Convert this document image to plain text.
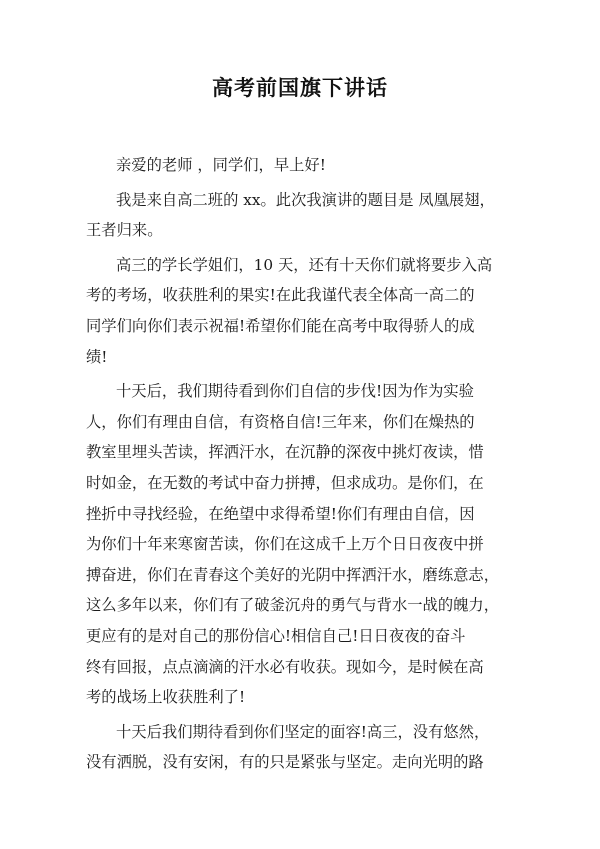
高考前国旗下讲话
亲爱的老师 ，同学们，早上好!
我是来自高二班的 xx。此次我演讲的题目是 凤凰展翅，
王者归来。
高三的学长学姐们，10 天，还有十天你们就将要步入高
考的考场，收获胜利的果实!在此我谨代表全体高一高二的
同学们向你们表示祝福!希望你们能在高考中取得骄人的成
绩!
十天后，我们期待看到你们自信的步伐!因为作为实验
人，你们有理由自信，有资格自信!三年来，你们在燥热的
教室里埋头苦读，挥洒汗水，在沉静的深夜中挑灯夜读，惜
时如金，在无数的考试中奋力拼搏，但求成功。是你们，在
挫折中寻找经验，在绝望中求得希望!你们有理由自信，因
为你们十年来寒窗苦读，你们在这成千上万个日日夜夜中拼
搏奋进，你们在青春这个美好的光阴中挥洒汗水，磨练意志，
这么多年以来，你们有了破釜沉舟的勇气与背水一战的魄力，
更应有的是对自己的那份信心!相信自己!日日夜夜的奋斗
终有回报，点点滴滴的汗水必有收获。现如今，是时候在高
考的战场上收获胜利了!
十天后我们期待看到你们坚定的面容!高三，没有悠然，
没有洒脱，没有安闲，有的只是紧张与坚定。走向光明的路
